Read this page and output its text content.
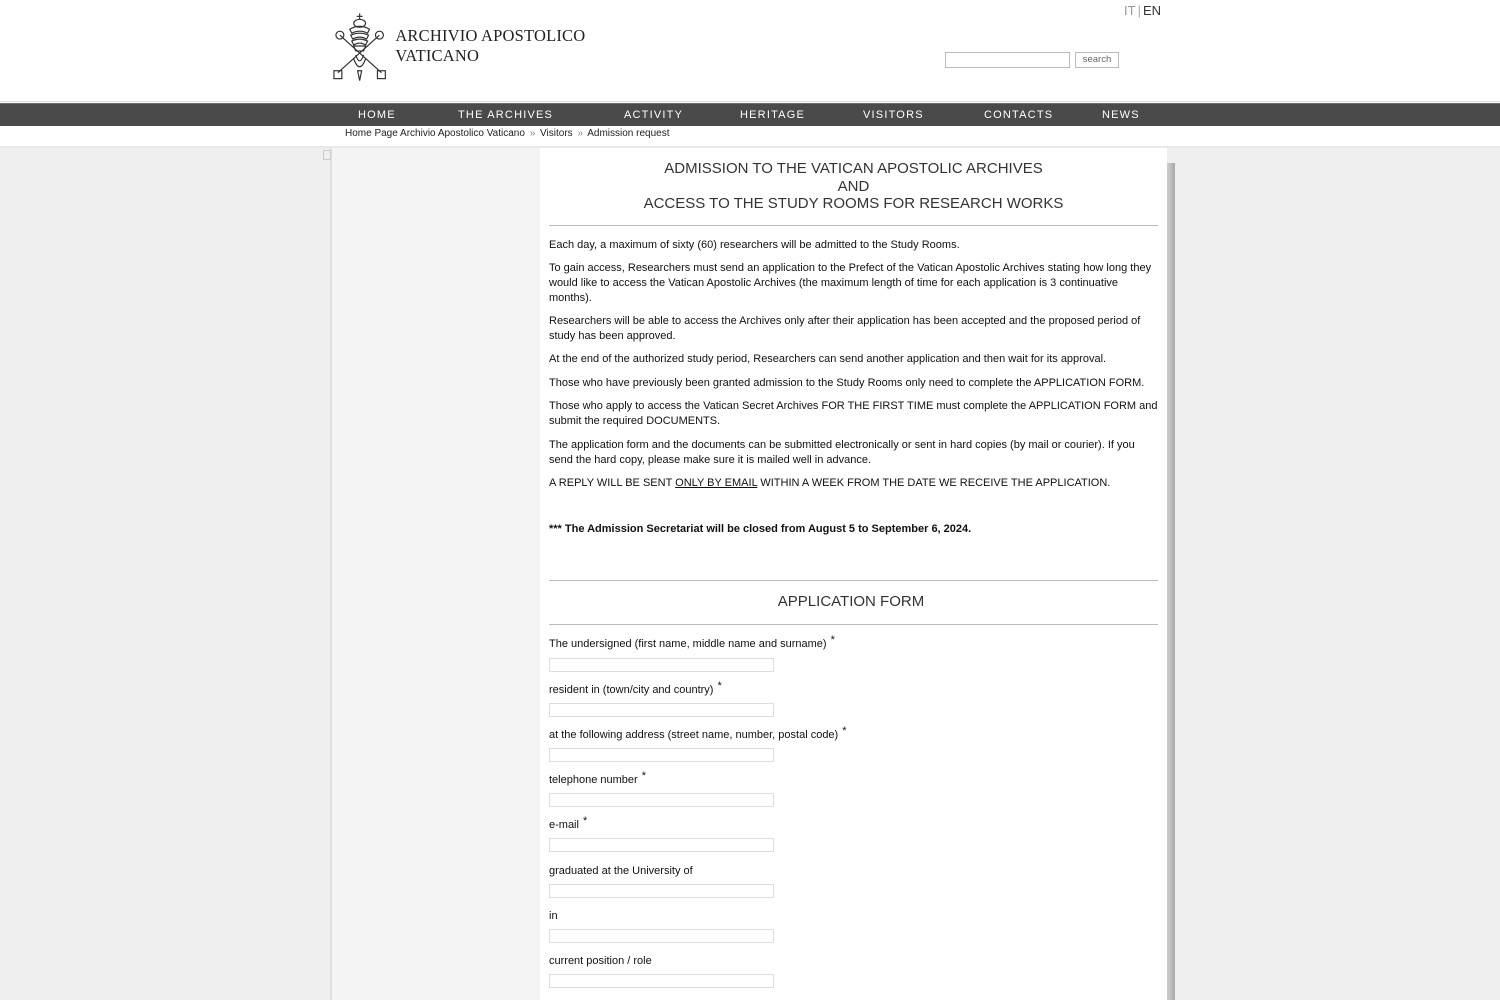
ARCHIVIO APOSTOLICO VATICANO
IT | EN
search
HOME	THE ARCHIVES	ACTIVITY	HERITAGE	VISITORS	CONTACTS	NEWS
Home Page Archivio Apostolico Vaticano » Visitors » Admission request
ADMISSION TO THE VATICAN APOSTOLIC ARCHIVES
AND
ACCESS TO THE STUDY ROOMS FOR RESEARCH WORKS

Each day, a maximum of sixty (60) researchers will be admitted to the Study Rooms.

To gain access, Researchers must send an application to the Prefect of the Vatican Apostolic Archives stating how long they would like to access the Vatican Apostolic Archives (the maximum length of time for each application is 3 continuative months).

Researchers will be able to access the Archives only after their application has been accepted and the proposed period of study has been approved.

At the end of the authorized study period, Researchers can send another application and then wait for its approval.

Those who have previously been granted admission to the Study Rooms only need to complete the APPLICATION FORM.

Those who apply to access the Vatican Secret Archives FOR THE FIRST TIME must complete the APPLICATION FORM and submit the required DOCUMENTS.

The application form and the documents can be submitted electronically or sent in hard copies (by mail or courier). If you send the hard copy, please make sure it is mailed well in advance.

A REPLY WILL BE SENT ONLY BY EMAIL WITHIN A WEEK FROM THE DATE WE RECEIVE THE APPLICATION.

*** The Admission Secretariat will be closed from August 5 to September 6, 2024.
APPLICATION FORM
The undersigned (first name, middle name and surname) *
resident in (town/city and country) *
at the following address (street name, number, postal code) *
telephone number *
e-mail *
graduated at the University of
in
current position / role
